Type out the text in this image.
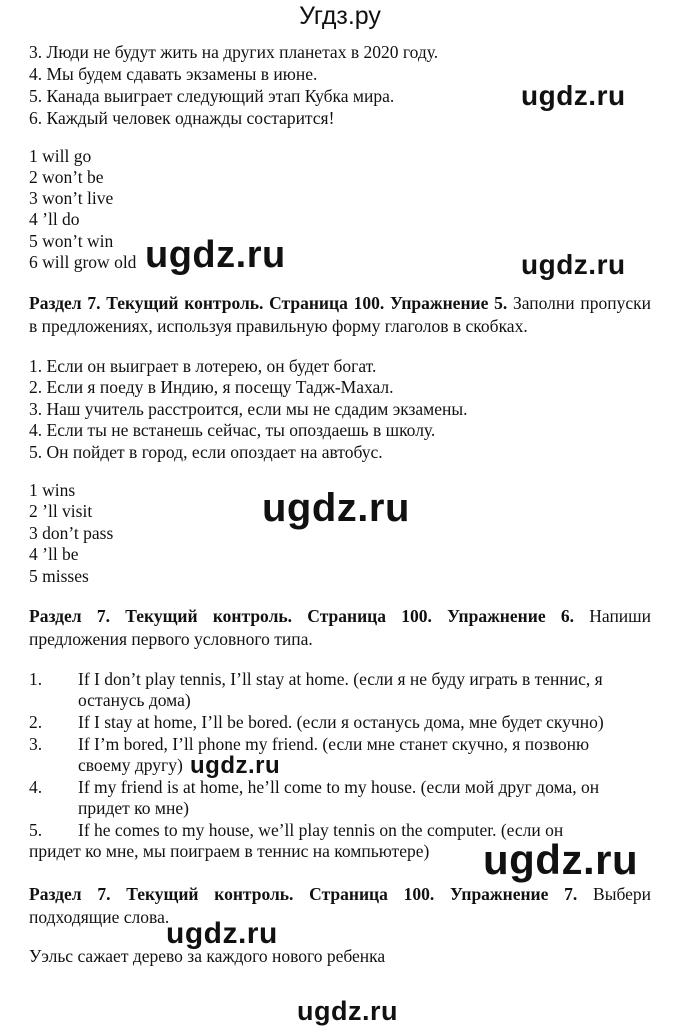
Угдз.ру
3. Люди не будут жить на других планетах в 2020 году.
4. Мы будем сдавать экзамены в июне.
5. Канада выиграет следующий этап Кубка мира.
6. Каждый человек однажды состарится!
1 will go
2 won’t be
3 won’t live
4 ’ll do
5 won’t win
6 will grow old
Раздел 7. Текущий контроль. Страница 100. Упражнение 5. Заполни пропуски в предложениях, используя правильную форму глаголов в скобках.
1. Если он выиграет в лотерею, он будет богат.
2. Если я поеду в Индию, я посещу Тадж-Махал.
3. Наш учитель расстроится, если мы не сдадим экзамены.
4. Если ты не встанешь сейчас, ты опоздаешь в школу.
5. Он пойдет в город, если опоздает на автобус.
1 wins
2 ’ll visit
3 don’t pass
4 ’ll be
5 misses
Раздел 7. Текущий контроль. Страница 100. Упражнение 6. Напиши предложения первого условного типа.
1.	If I don’t play tennis, I’ll stay at home. (если я не буду играть в теннис, я
останусь дома)
2.	If I stay at home, I’ll be bored. (если я останусь дома, мне будет скучно)
3.	If I’m bored, I’ll phone my friend. (если мне станет скучно, я позвоню
своему другу)
4.	If my friend is at home, he’ll come to my house. (если мой друг дома, он
придет ко мне)
5.	If he comes to my house, we’ll play tennis on the computer. (если он
придет ко мне, мы поиграем в теннис на компьютере)
Раздел 7. Текущий контроль. Страница 100. Упражнение 7. Выбери подходящие слова.
Уэльс сажает дерево за каждого нового ребенка
ugdz.ru
ugdz.ru	ugdz.ru
ugdz.ru
ugdz.ru
ugdz.ru
ugdz.ru
ugdz.ru
